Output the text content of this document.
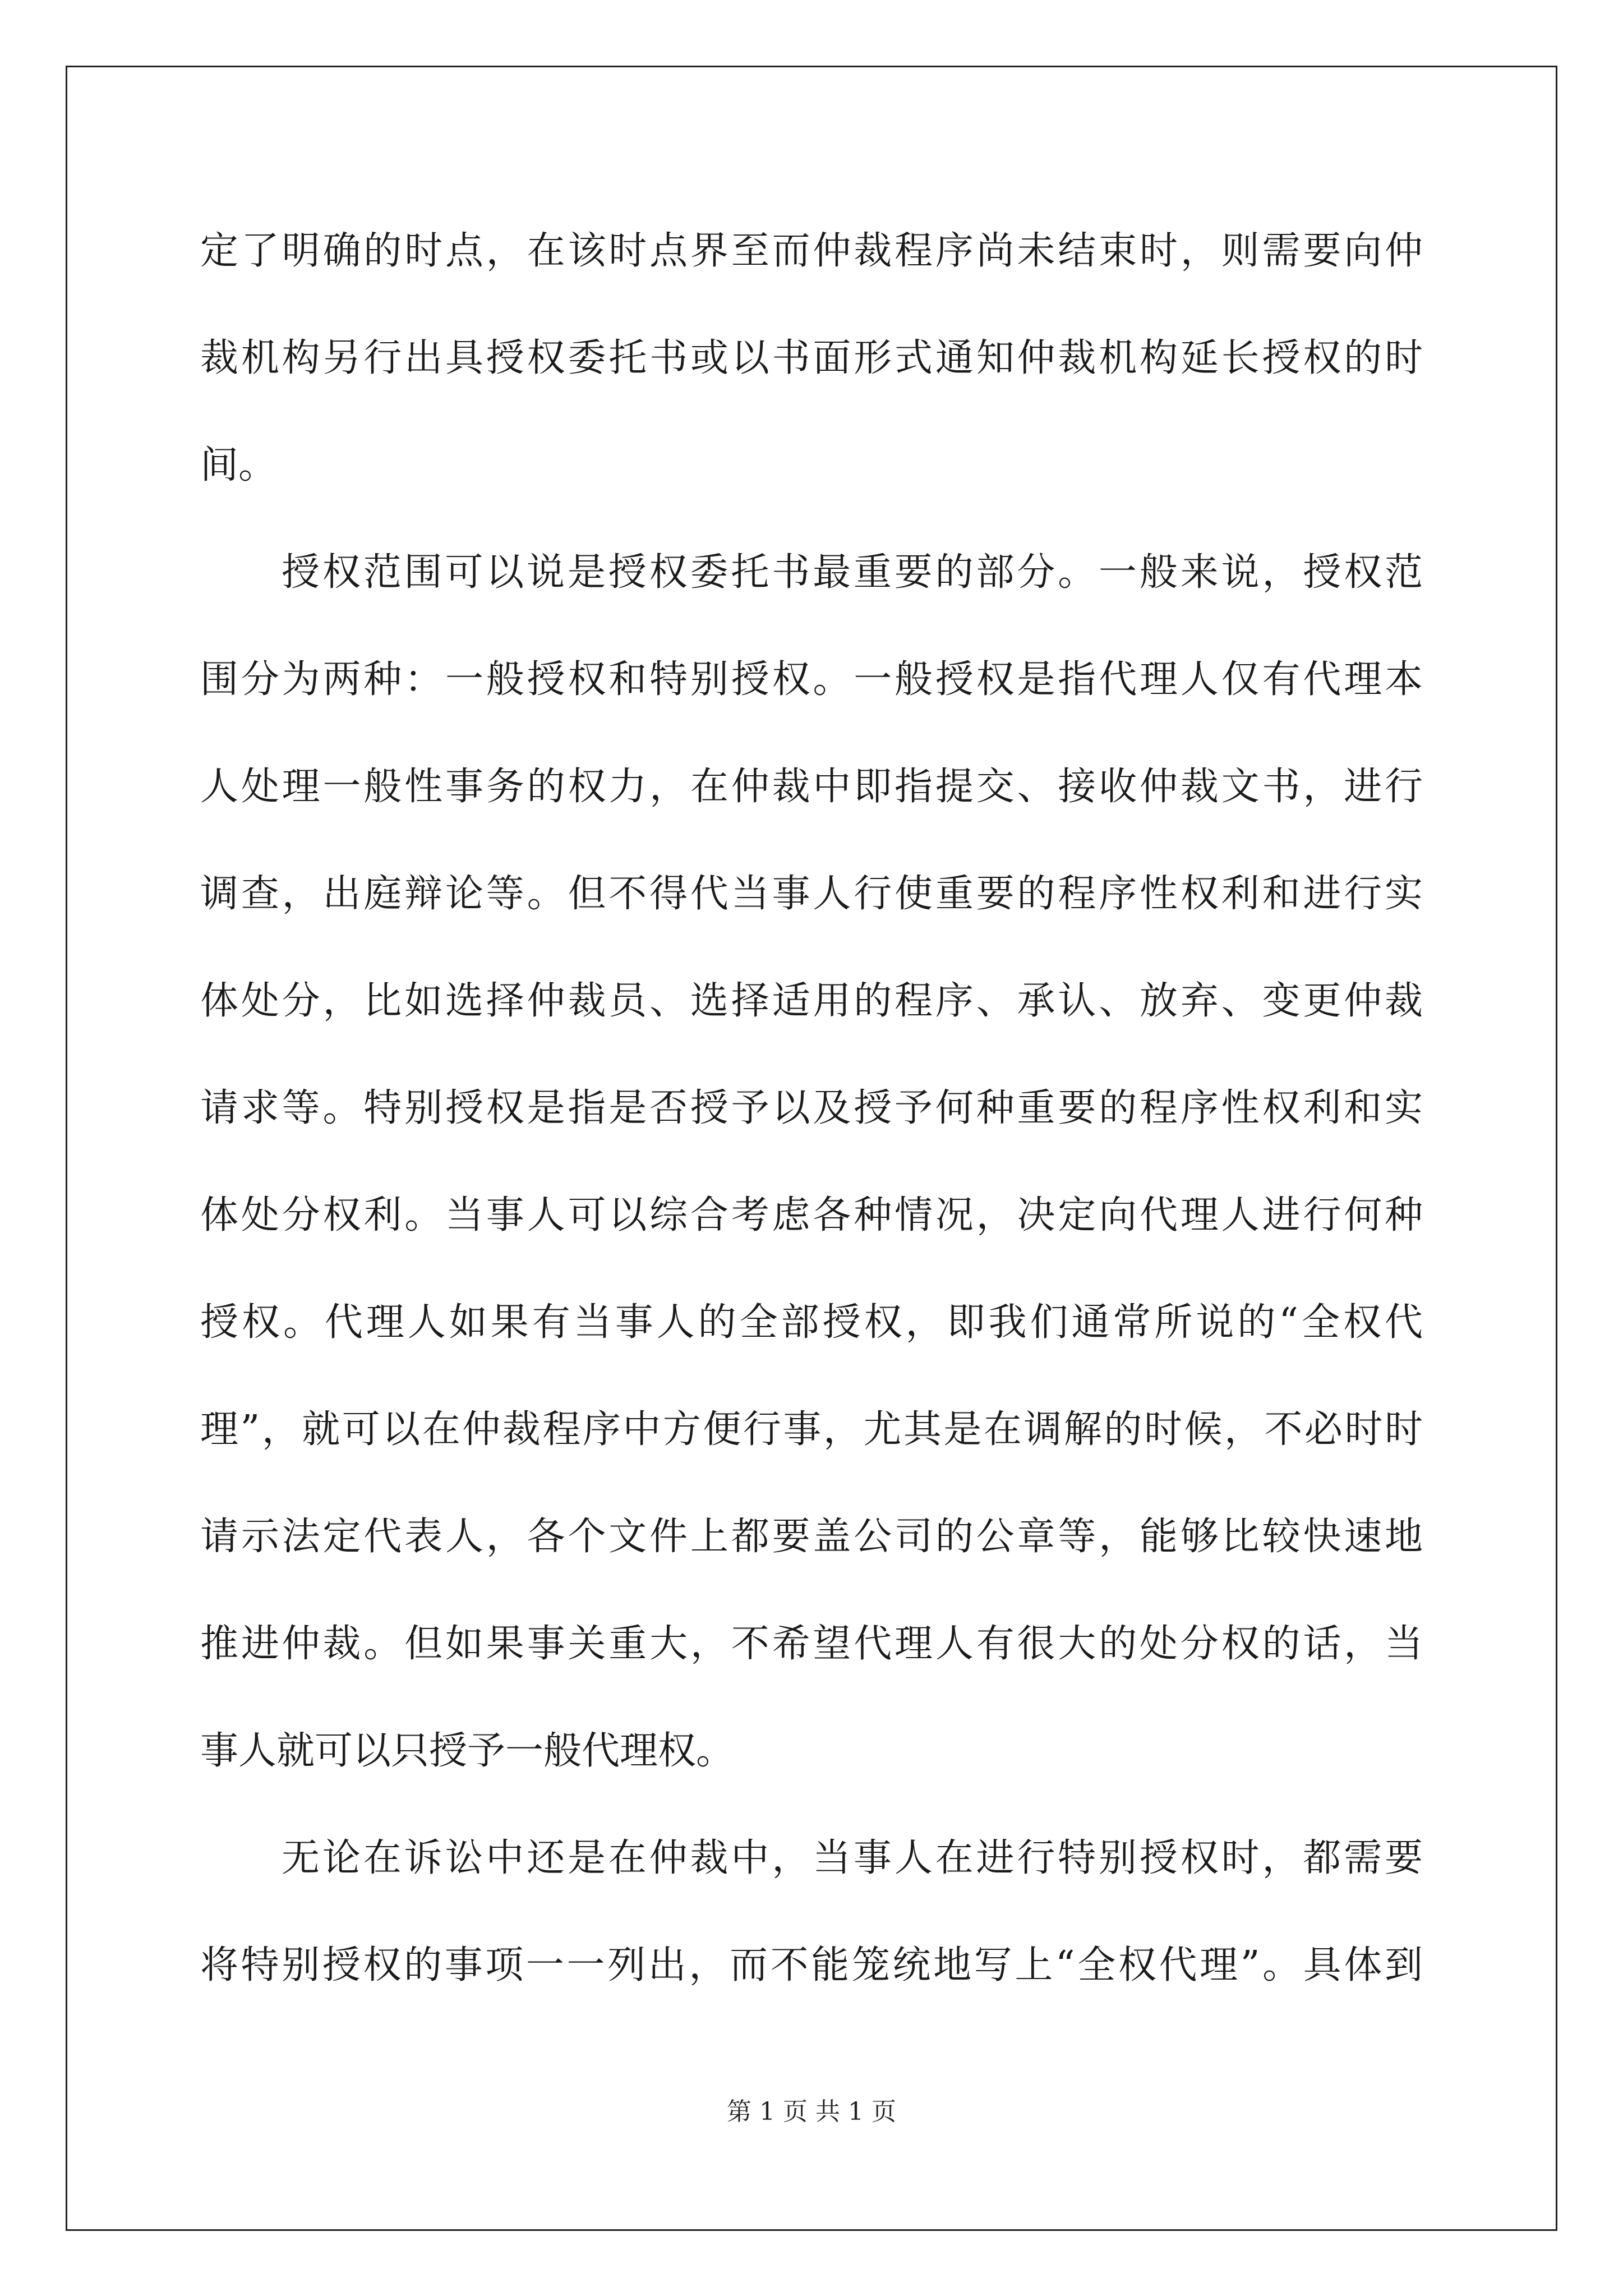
定了明确的时点，在该时点界至而仲裁程序尚未结束时，则需要向仲
裁机构另行出具授权委托书或以书面形式通知仲裁机构延长授权的时
间。
授权范围可以说是授权委托书最重要的部分。一般来说，授权范
围分为两种：一般授权和特别授权。一般授权是指代理人仅有代理本
人处理一般性事务的权力，在仲裁中即指提交、接收仲裁文书，进行
调查，出庭辩论等。但不得代当事人行使重要的程序性权利和进行实
体处分，比如选择仲裁员、选择适用的程序、承认、放弃、变更仲裁
请求等。特别授权是指是否授予以及授予何种重要的程序性权利和实
体处分权利。当事人可以综合考虑各种情况，决定向代理人进行何种
授权。代理人如果有当事人的全部授权，即我们通常所说的“全权代
理”，就可以在仲裁程序中方便行事，尤其是在调解的时候，不必时时
请示法定代表人，各个文件上都要盖公司的公章等，能够比较快速地
推进仲裁。但如果事关重大，不希望代理人有很大的处分权的话，当
事人就可以只授予一般代理权。
无论在诉讼中还是在仲裁中，当事人在进行特别授权时，都需要
将特别授权的事项一一列出，而不能笼统地写上“全权代理”。具体到
第 1 页 共 1 页
